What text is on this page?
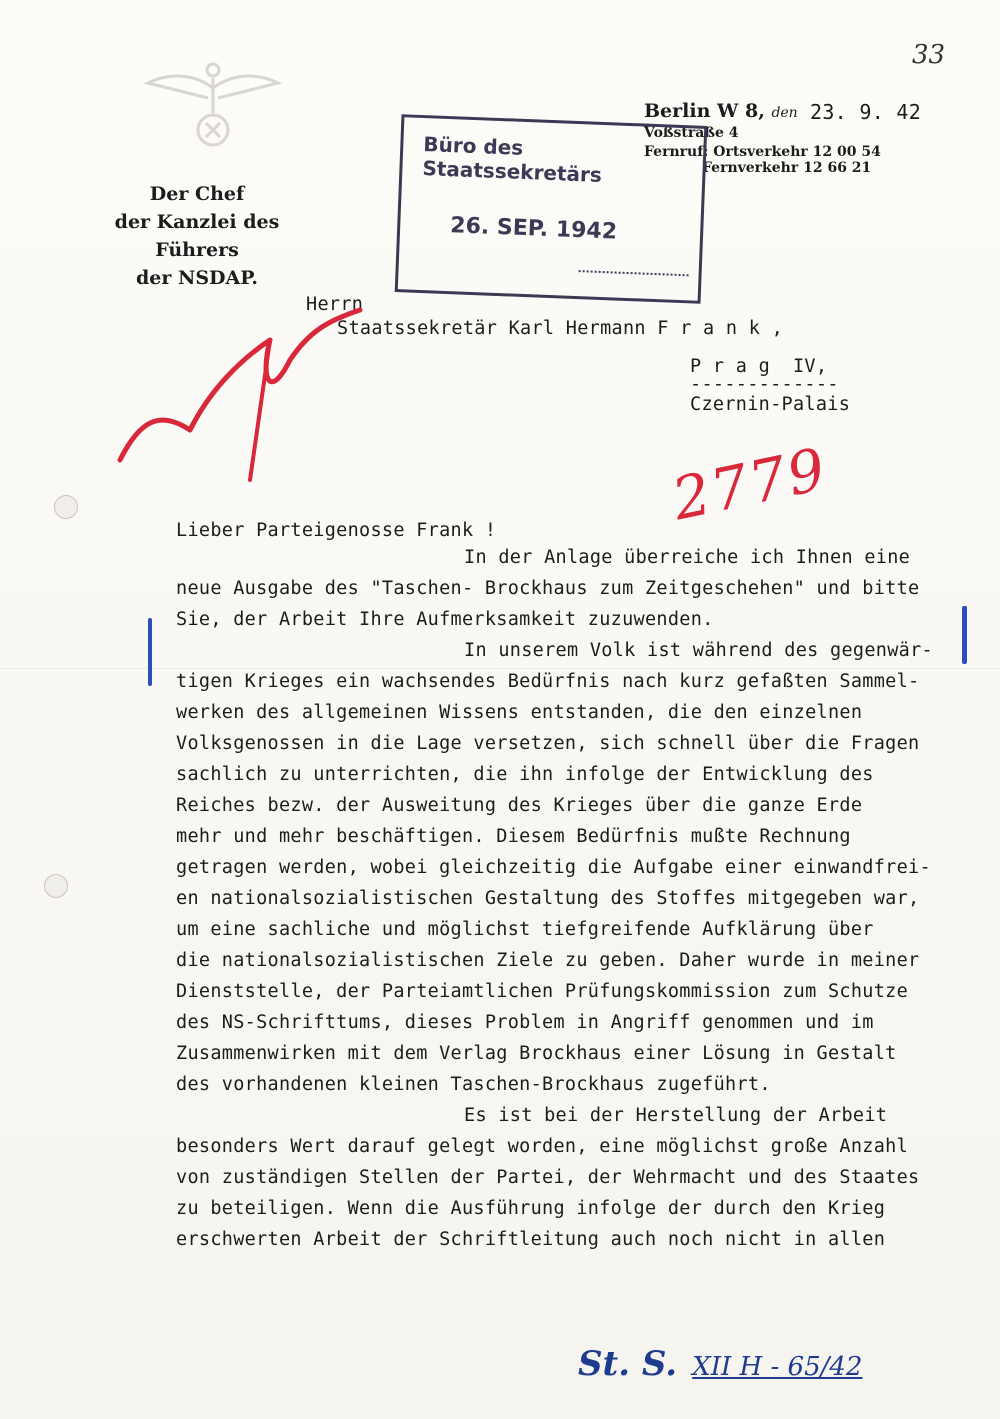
33
Der Chef
der Kanzlei des Führers
der NSDAP.
Berlin W 8, den 23. 9. 42
Voßstraße 4
Fernruf: Ortsverkehr 12 00 54
Fernverkehr 12 66 21
Büro des Staatssekretärs
26. SEP. 1942
Herrn
Staatssekretär Karl Hermann F r a n k ,
P r a g  IV,
-------------
Czernin-Palais
2779
Lieber Parteigenosse Frank !
In der Anlage überreiche ich Ihnen eine
neue Ausgabe des "Taschen- Brockhaus zum Zeitgeschehen" und bitte
Sie, der Arbeit Ihre Aufmerksamkeit zuzuwenden.
In unserem Volk ist während des gegenwär-
tigen Krieges ein wachsendes Bedürfnis nach kurz gefaßten Sammel-
werken des allgemeinen Wissens entstanden, die den einzelnen
Volksgenossen in die Lage versetzen, sich schnell über die Fragen
sachlich zu unterrichten, die ihn infolge der Entwicklung des
Reiches bezw. der Ausweitung des Krieges über die ganze Erde
mehr und mehr beschäftigen. Diesem Bedürfnis mußte Rechnung
getragen werden, wobei gleichzeitig die Aufgabe einer einwandfrei-
en nationalsozialistischen Gestaltung des Stoffes mitgegeben war,
um eine sachliche und möglichst tiefgreifende Aufklärung über
die nationalsozialistischen Ziele zu geben. Daher wurde in meiner
Dienststelle, der Parteiamtlichen Prüfungskommission zum Schutze
des NS-Schrifttums, dieses Problem in Angriff genommen und im
Zusammenwirken mit dem Verlag Brockhaus einer Lösung in Gestalt
des vorhandenen kleinen Taschen-Brockhaus zugeführt.
Es ist bei der Herstellung der Arbeit
besonders Wert darauf gelegt worden, eine möglichst große Anzahl
von zuständigen Stellen der Partei, der Wehrmacht und des Staates
zu beteiligen. Wenn die Ausführung infolge der durch den Krieg
erschwerten Arbeit der Schriftleitung auch noch nicht in allen
St. S. XII H - 65/42
